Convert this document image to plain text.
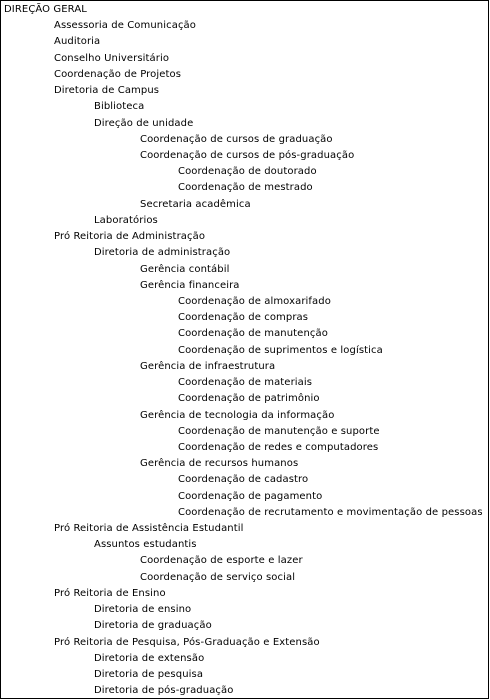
DIREÇÃO GERAL
Assessoria de Comunicação
Auditoria
Conselho Universitário
Coordenação de Projetos
Diretoria de Campus
Biblioteca
Direção de unidade
Coordenação de cursos de graduação
Coordenação de cursos de pós-graduação
Coordenação de doutorado
Coordenação de mestrado
Secretaria acadêmica
Laboratórios
Pró Reitoria de Administração
Diretoria de administração
Gerência contábil
Gerência financeira
Coordenação de almoxarifado
Coordenação de compras
Coordenação de manutenção
Coordenação de suprimentos e logística
Gerência de infraestrutura
Coordenação de materiais
Coordenação de patrimônio
Gerência de tecnologia da informação
Coordenação de manutenção e suporte
Coordenação de redes e computadores
Gerência de recursos humanos
Coordenação de cadastro
Coordenação de pagamento
Coordenação de recrutamento e movimentação de pessoas
Pró Reitoria de Assistência Estudantil
Assuntos estudantis
Coordenação de esporte e lazer
Coordenação de serviço social
Pró Reitoria de Ensino
Diretoria de ensino
Diretoria de graduação
Pró Reitoria de Pesquisa, Pós-Graduação e Extensão
Diretoria de extensão
Diretoria de pesquisa
Diretoria de pós-graduação
